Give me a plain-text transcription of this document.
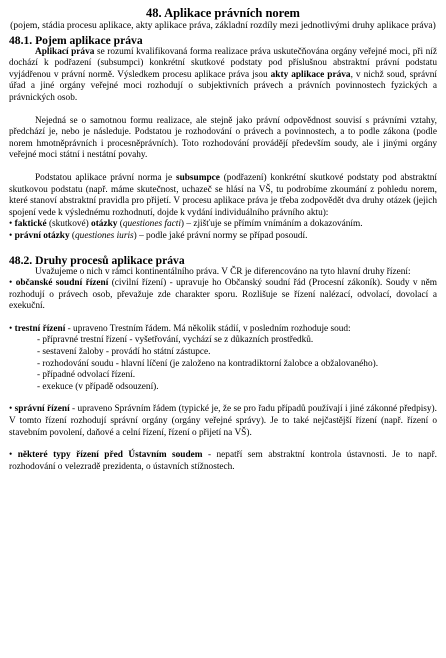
48. Aplikace právních norem
(pojem, stádia procesu aplikace, akty aplikace práva, základní rozdíly mezi jednotlivými druhy aplikace práva)
48.1. Pojem aplikace práva

Aplikací práva se rozumí kvalifikovaná forma realizace práva uskutečňována orgány veřejné moci, při níž dochází k podřazení (subsumpci) konkrétní skutkové podstaty pod příslušnou abstraktní právní podstatu vyjádřenou v právní normě. Výsledkem procesu aplikace práva jsou akty aplikace práva, v nichž soud, správní úřad a jiné orgány veřejné moci rozhodují o subjektivních právech a právních povinnostech fyzických a právnických osob.

Nejedná se o samotnou formu realizace, ale stejně jako právní odpovědnost souvisí s právními vztahy, předchází je, nebo je následuje. Podstatou je rozhodování o právech a povinnostech, a to podle zákona (podle norem hmotněprávních i procesněprávních). Toto rozhodování provádějí především soudy, ale i jinými orgány veřejné moci státní i nestátní povahy.

Podstatou aplikace právní norma je subsumpce (podřazení) konkrétní skutkové podstaty pod abstraktní skutkovou podstatu (např. máme skutečnost, uchazeč se hlásí na VŠ, tu podrobíme zkoumání z pohledu norem, které stanoví abstraktní pravidla pro přijetí. V procesu aplikace práva je třeba zodpovědět dva druhy otázek (jejich spojení vede k výslednému rozhodnutí, dojde k vydání individuálního právního aktu):

• faktické (skutkové) otázky (questiones facti) – zjišťuje se přímím vnímáním a dokazováním.

• právní otázky (questiones iuris) – podle jaké právní normy se případ posoudí.

48.2. Druhy procesů aplikace práva

Uvažujeme o nich v rámci kontinentálního práva. V ČR je diferencováno na tyto hlavní druhy řízení:

• občanské soudní řízení (civilní řízení) - upravuje ho Občanský soudní řád (Procesní zákoník). Soudy v něm rozhodují o právech osob, převažuje zde charakter sporu. Rozlišuje se řízení nalézací, odvolací, dovolací a exekuční.

• trestní řízení - upraveno Trestním řádem. Má několik stádií, v posledním rozhoduje soud:

- přípravné trestní řízení - vyšetřování, vychází se z důkazních prostředků.
- sestavení žaloby - provádí ho státní zástupce.
- rozhodování soudu - hlavní líčení (je založeno na kontradiktorní žalobce a obžalovaného).
- případné odvolací řízení.
- exekuce (v případě odsouzení).

• správní řízení - upraveno Správním řádem (typické je, že se pro řadu případů používají i jiné zákonné předpisy). V tomto řízení rozhodují správní orgány (orgány veřejné správy). Je to také nejčastější řízení (např. řízení o stavebním povolení, daňové a celní řízení, řízení o přijetí na VŠ).

• některé typy řízení před Ústavním soudem - nepatří sem abstraktní kontrola ústavnosti. Je to např. rozhodování o velezradě prezidenta, o ústavních stížnostech.
